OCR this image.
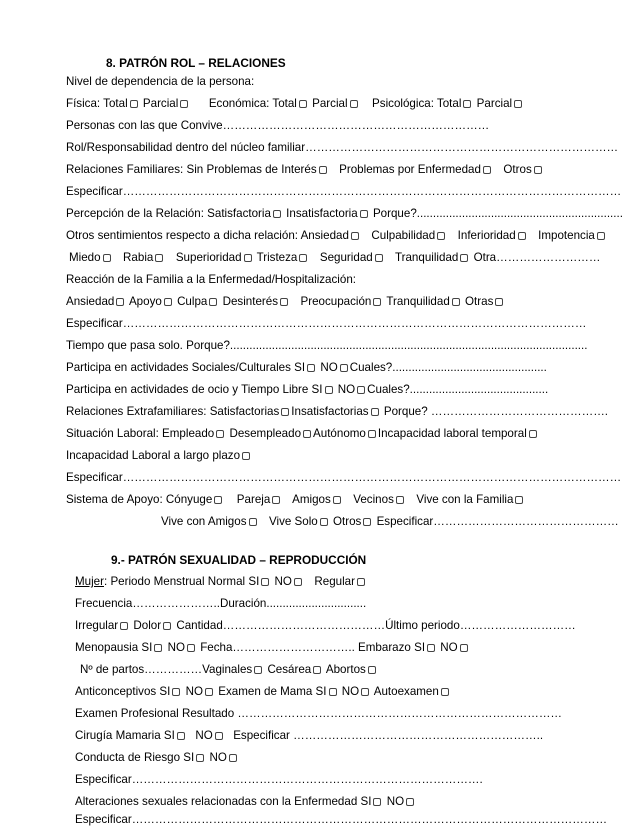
8. PATRÓN ROL – RELACIONES
Nivel de dependencia de la persona:
Física: Total Parcial	Económica: Total Parcial Psicológica: Total Parcial
Personas con las que Convive……………………………………………………………
Rol/Responsabilidad dentro del núcleo familiar………………………………………………………………………
Relaciones Familiares: Sin Problemas de Interés Problemas por Enfermedad Otros
Especificar…………………………………………………………………………………………………………………
Percepción de la Relación: Satisfactoria Insatisfactoria Porque?................................................................
Otros sentimientos respecto a dicha relación: Ansiedad Culpabilidad Inferioridad Impotencia
Miedo Rabia Superioridad Tristeza Seguridad Tranquilidad Otra………………………
Reacción de la Familia a la Enfermedad/Hospitalización:
Ansiedad Apoyo Culpa Desinterés Preocupación Tranquilidad Otras
Especificar…………………………………………………………………………………………………………
Tiempo que pasa solo. Porque?...............................................................................................................
Participa en actividades Sociales/Culturales SI NO Cuales?................................................
Participa en actividades de ocio y Tiempo Libre SI NO Cuales?...........................................
Relaciones Extrafamiliares: Satisfactorias Insatisfactorias Porque? ……………………………………….
Situación Laboral: Empleado Desempleado Autónomo Incapacidad laboral temporal
Incapacidad Laboral a largo plazo
Especificar…………………………………………………………………………………………………………………
Sistema de Apoyo: Cónyuge Pareja Amigos Vecinos Vive con la Familia
Vive con Amigos Vive Solo Otros Especificar…………………………………………
9.- PATRÓN SEXUALIDAD – REPRODUCCIÓN
Mujer: Periodo Menstrual Normal SI NO Regular
Frecuencia…………………..Duración...............................
Irregular Dolor Cantidad……………………………………Último periodo…………………………
Menopausia SI NO Fecha………………………….. Embarazo SI NO
Nº de partos……………Vaginales Cesárea Abortos
Anticonceptivos SI NO Examen de Mama SI NO Autoexamen
Examen Profesional Resultado …………………………………………………………………………
Cirugía Mamaria SI NO Especificar ………………………………………………………..
Conducta de Riesgo SI NO
Especificar……………………………………………………………………………….
Alteraciones sexuales relacionadas con la Enfermedad SI NO
Especificar……………………………………………………………………………………………………………
